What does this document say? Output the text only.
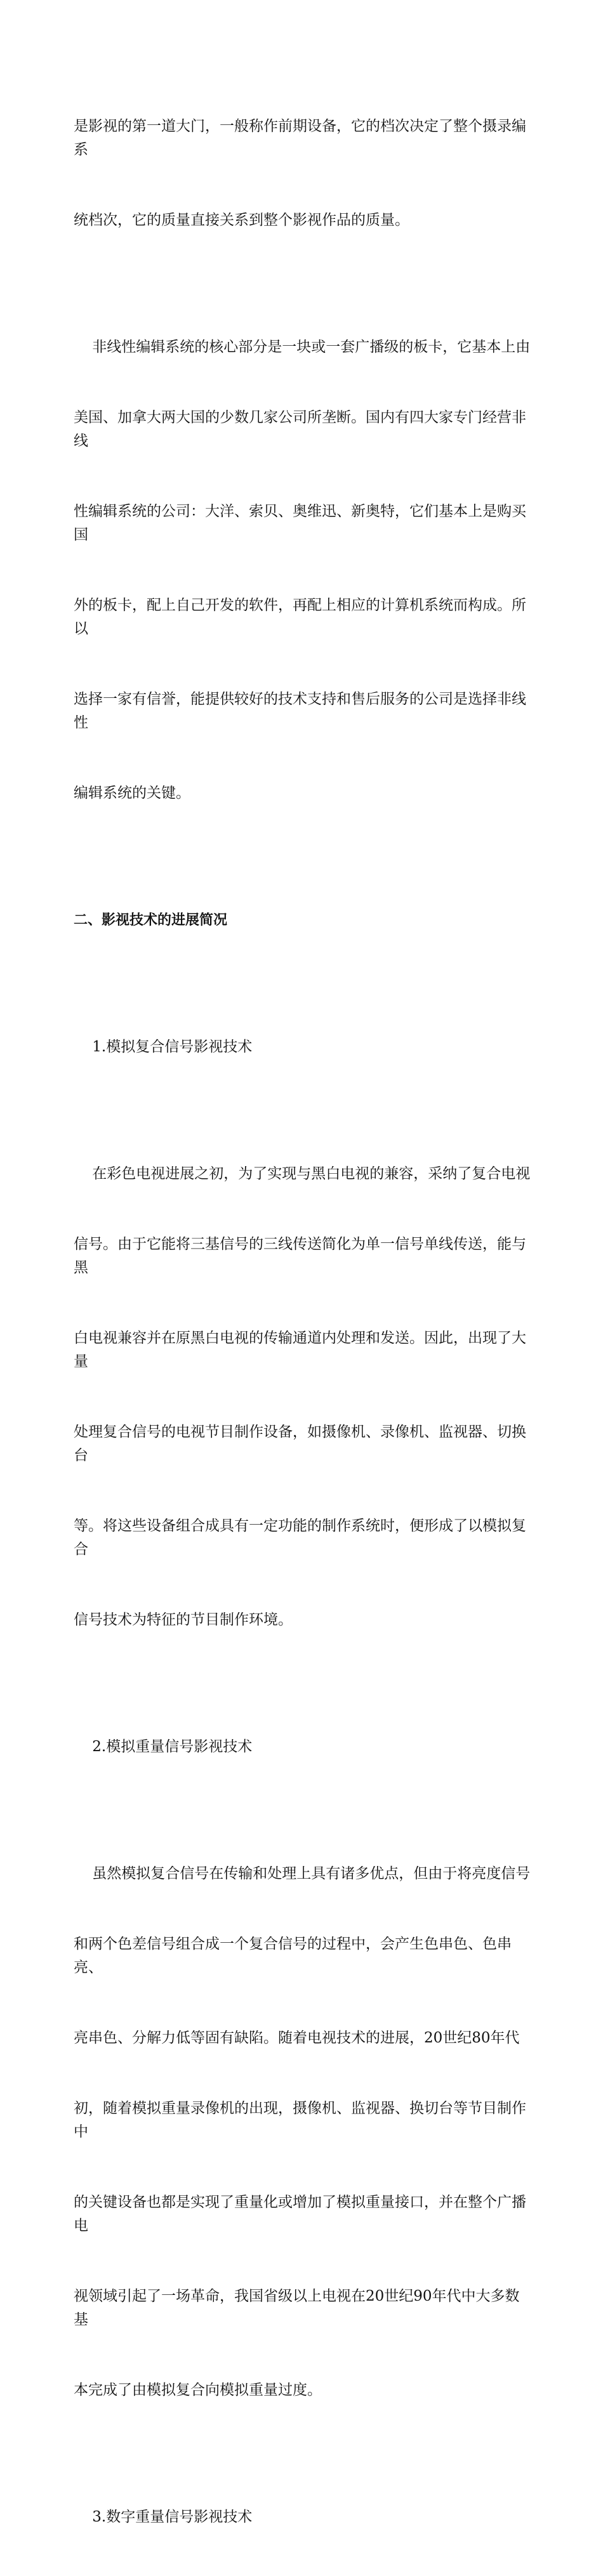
是影视的第一道大门，一般称作前期设备，它的档次决定了整个摄录编系

统档次，它的质量直接关系到整个影视作品的质量。

非线性编辑系统的核心部分是一块或一套广播级的板卡，它基本上由

美国、加拿大两大国的少数几家公司所垄断。国内有四大家专门经营非线

性编辑系统的公司：大洋、索贝、奥维迅、新奥特，它们基本上是购买国

外的板卡，配上自己开发的软件，再配上相应的计算机系统而构成。所以

选择一家有信誉，能提供较好的技术支持和售后服务的公司是选择非线性

编辑系统的关键。

二、影视技术的进展简况

1.模拟复合信号影视技术

在彩色电视进展之初，为了实现与黑白电视的兼容，采纳了复合电视

信号。由于它能将三基信号的三线传送简化为单一信号单线传送，能与黑

白电视兼容并在原黑白电视的传输通道内处理和发送。因此，出现了大量

处理复合信号的电视节目制作设备，如摄像机、录像机、监视器、切换台

等。将这些设备组合成具有一定功能的制作系统时，便形成了以模拟复合

信号技术为特征的节目制作环境。

2.模拟重量信号影视技术

虽然模拟复合信号在传输和处理上具有诸多优点，但由于将亮度信号

和两个色差信号组合成一个复合信号的过程中，会产生色串色、色串亮、

亮串色、分解力低等固有缺陷。随着电视技术的进展，20世纪80年代

初，随着模拟重量录像机的出现，摄像机、监视器、换切台等节目制作中

的关键设备也都是实现了重量化或增加了模拟重量接口，并在整个广播电

视领域引起了一场革命，我国省级以上电视在20世纪90年代中大多数基

本完成了由模拟复合向模拟重量过度。

3.数字重量信号影视技术
